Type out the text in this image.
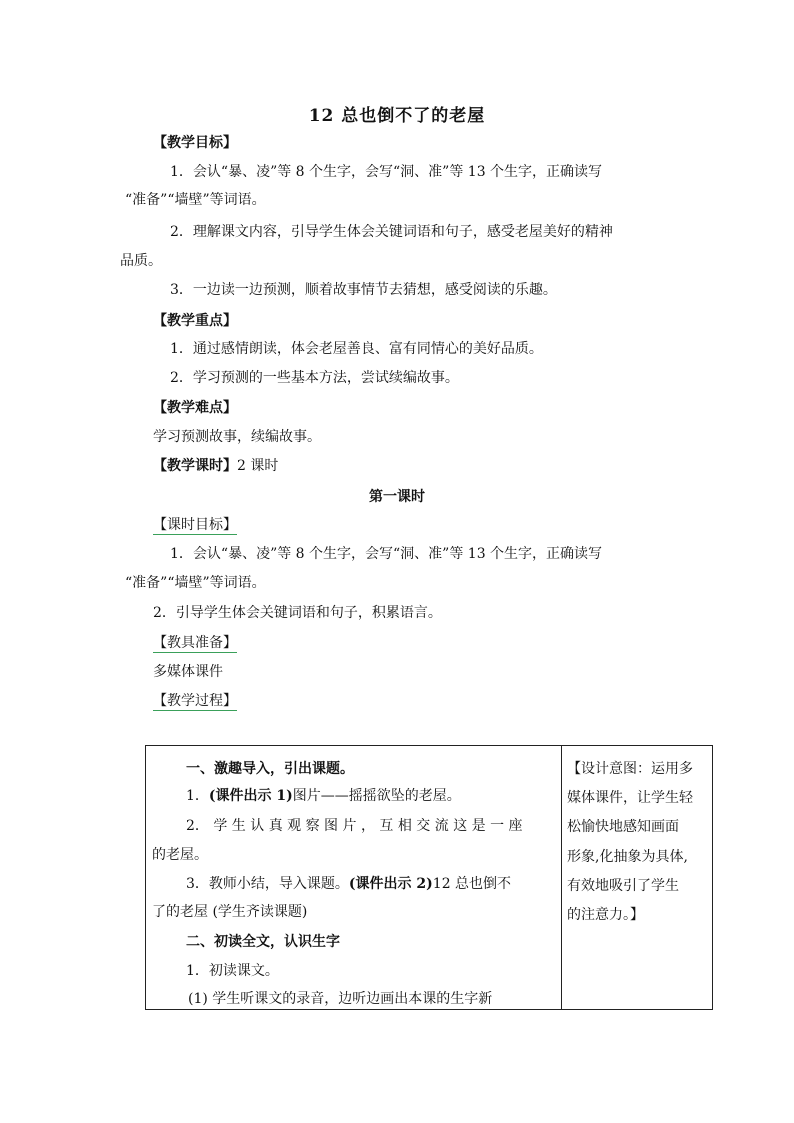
12 总也倒不了的老屋
【教学目标】
1．会认“暴、凌”等 8 个生字，会写“洞、准”等 13 个生字，正确读写
“准备”“墙壁”等词语。
2．理解课文内容，引导学生体会关键词语和句子，感受老屋美好的精神
品质。
3．一边读一边预测，顺着故事情节去猜想，感受阅读的乐趣。
【教学重点】
1．通过感情朗读，体会老屋善良、富有同情心的美好品质。
2．学习预测的一些基本方法，尝试续编故事。
【教学难点】
学习预测故事，续编故事。
【教学课时】2 课时
第一课时
【课时目标】
1．会认“暴、凌”等 8 个生字，会写“洞、准”等 13 个生字，正确读写
“准备”“墙壁”等词语。
2．引导学生体会关键词语和句子，积累语言。
【教具准备】
多媒体课件
【教学过程】
一、激趣导入，引出课题。
1．(课件出示 1)图片——摇摇欲坠的老屋。
2． 学 生 认 真 观 察 图 片 ， 互 相 交 流 这 是 一 座
的老屋。
3．教师小结，导入课题。(课件出示 2)12 总也倒不
了的老屋 (学生齐读课题)
二、初读全文，认识生字
1．初读课文。
(1) 学生听课文的录音，边听边画出本课的生字新
【设计意图：运用多
媒体课件，让学生轻
松愉快地感知画面
形象,化抽象为具体,
有效地吸引了学生
的注意力。】
